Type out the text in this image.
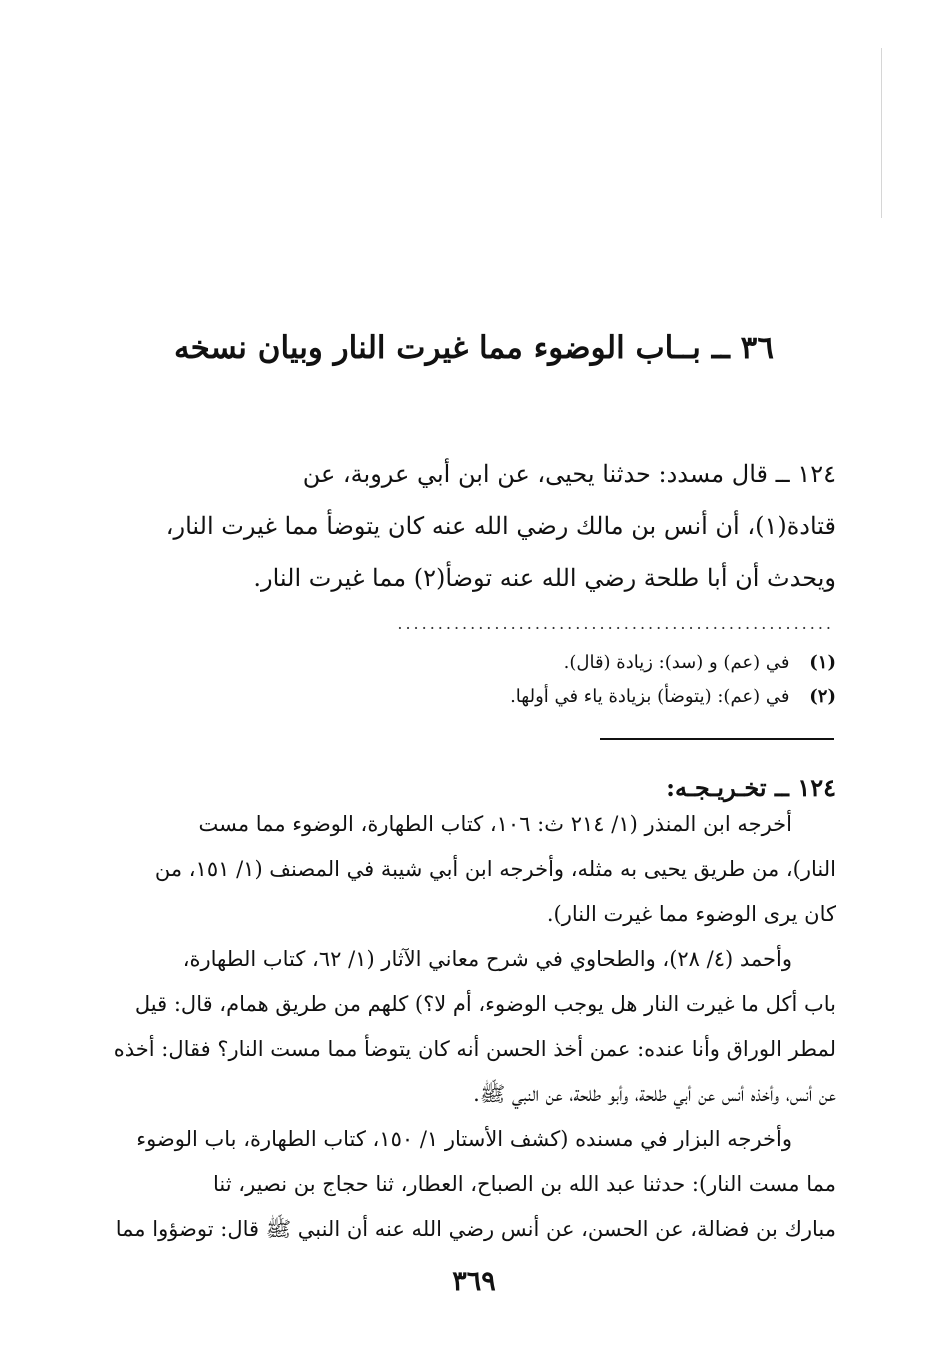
٣٦ ــ بــاب الوضوء مما غيرت النار وبيان نسخه

١٢٤ ــ قال مسدد: حدثنا يحيى، عن ابن أبي عروبة، عن
قتادة(١)، أن أنس بن مالك رضي الله عنه كان يتوضأ مما غيرت النار،
ويحدث أن أبا طلحة رضي الله عنه توضأ(٢) مما غيرت النار.

......................................................
(١) في (عم) و (سد): زيادة (قال).
(٢) في (عم): (يتوضأ) بزيادة ياء في أولها.
١٢٤ ــ تخـريـجـه:
أخرجه ابن المنذر (١/ ٢١٤ ث: ١٠٦، كتاب الطهارة، الوضوء مما مست
النار)، من طريق يحيى به مثله، وأخرجه ابن أبي شيبة في المصنف (١/ ١٥١، من
كان يرى الوضوء مما غيرت النار).
وأحمد (٤/ ٢٨)، والطحاوي في شرح معاني الآثار (١/ ٦٢، كتاب الطهارة،
باب أكل ما غيرت النار هل يوجب الوضوء، أم لا؟) كلهم من طريق همام، قال: قيل
لمطر الوراق وأنا عنده: عمن أخذ الحسن أنه كان يتوضأ مما مست النار؟ فقال: أخذه
عن أنس، وأخذه أنس عن أبي طلحة، وأبو طلحة، عن النبي ﷺ.
وأخرجه البزار في مسنده (كشف الأستار ١/ ١٥٠، كتاب الطهارة، باب الوضوء
مما مست النار): حدثنا عبد الله بن الصباح، العطار، ثنا حجاج بن نصير، ثنا
مبارك بن فضالة، عن الحسن، عن أنس رضي الله عنه أن النبي ﷺ قال: توضؤوا مما
٣٦٩
